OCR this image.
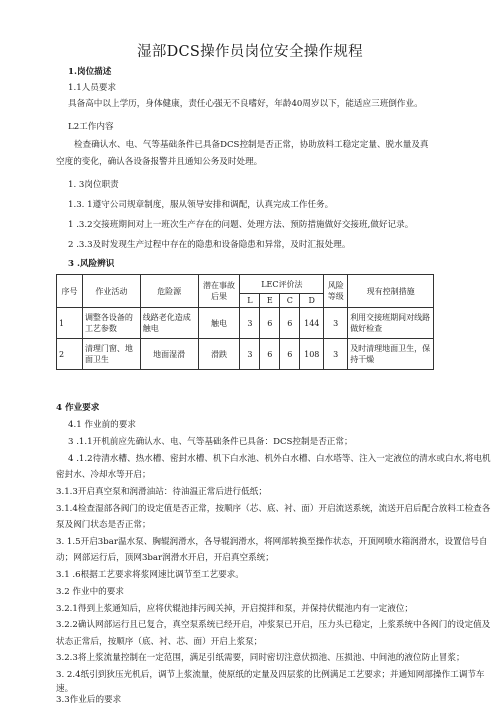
湿部DCS操作员岗位安全操作规程

1.岗位描述

1.1人员要求

具备高中以上学历，身体健康，责任心强无不良嗜好，年龄40周岁以下，能适应三班倒作业。

L2工作内容

检查确认水、电、气等基础条件已具备DCS控制是否正常，协助放料工稳定定量、脱水量及真

空度的变化，确认各设备报警并且通知公务及时处理。

1. 3岗位职责

1.3. 1遵守公司规章制度，服从领导安排和调配，认真完成工作任务。

1 .3.2交接班期间对上一班次生产存在的问题、处理方法、预防措施做好交接班,做好记录。

2 .3.3及时发现生产过程中存在的隐患和设备隐患和异常，及时汇报处理。

3 .风险辨识

序号	作业活动	危险源	潜在事故后果	LEC评价法				风险等级	现有控制措施
				L	E	C	D		
1	调整各设备的工艺参数	线路老化造成触电	触电	3	6	6	144	3	利用交接班期间对线路做好检查
2	清理门窗、地面卫生	地面湿滑	滑跌	3	6	6	108	3	及时清理地面卫生，保持干燥

4 作业要求

4.1 作业前的要求

3 .1.1开机前应先确认水、电、气等基础条件已具备：DCS控制是否正常；

4 .1.2待清水槽、热水槽、密封水槽、机下白水池、机外白水槽、白水塔等、注入一定液位的清水或白水,将电机

密封水、冷却水等开启；

3.1.3开启真空泵和润滑油站：待油温正常后进行低纸；

3.1.4检查湿部各阀门的设定值是否正常，按顺序（芯、底、衬、面）开启流送系统，流送开启后配合放料工检查各

泵及阀门状态是否正常；

3. 1.5开启3bar温水泵、胸辊润滑水，各导辊润滑水，将网部转换至操作状态，开顶网喷水箱润滑水，设置信号自

动；网部运行后，顶网3bar润滑水开启，开启真空系统；

3.1 .6根据工艺要求将浆网速比调节至工艺要求。

3.2 作业中的要求

3.2.1得到上浆通知后，应将伏辊池排污阀关掉，开启搅拌和泵，并保持伏辊池内有一定液位；

3.2.2确认网部运行且已复合，真空泵系统已经开启，冲浆泵已开启，压力头已稳定，上浆系统中各阀门的设定值及

状态正常后，按顺序（底、衬、芯、面）开启上浆泵；

3.2.3将上浆流量控制在一定范围，满足引纸需要，同时密切注意伏损池、压损池、中间池的液位防止冒浆；

3. 2.4纸引到狄压光机后，调节上浆流量，使原纸的定量及四层浆的比例满足工艺要求；并通知网部操作工调节车

速。

3.3作业后的要求
